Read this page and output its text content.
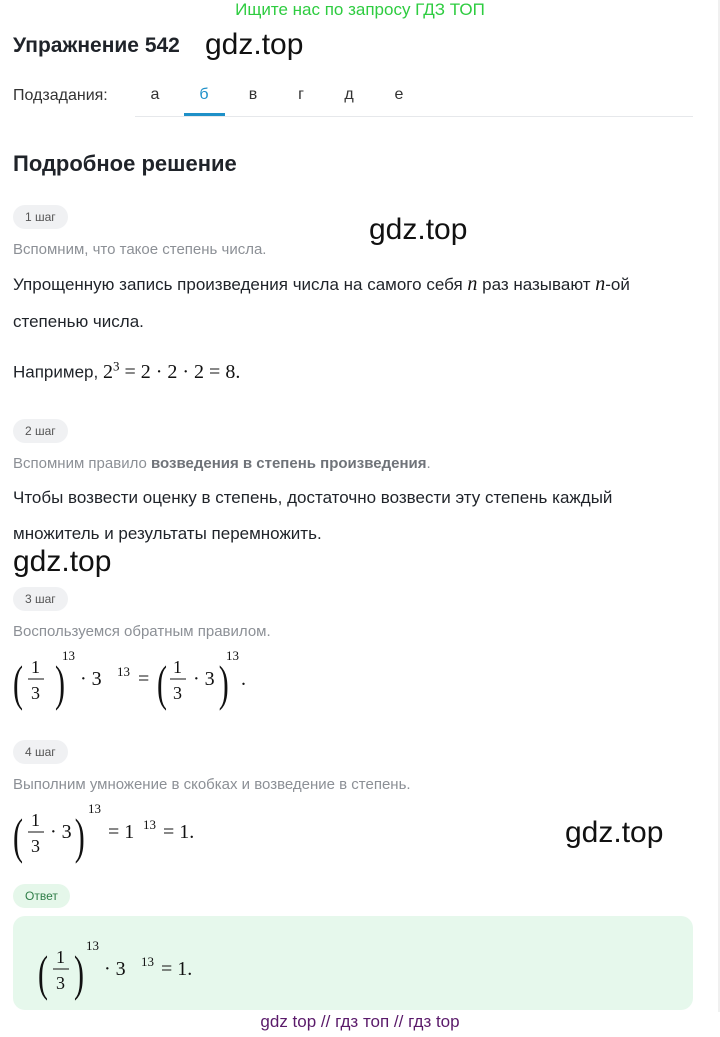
Ищите нас по запросу ГДЗ ТОП
Упражнение 542 gdz.top
Подзадания:	а	б	в	г	д	е
Подробное решение
1 шаг	gdz.top
Вспомним, что такое степень числа.
Упрощенную запись произведения числа на самого себя n раз называют n-ой
степенью числа.
Например, $2^3 = 2 \cdot 2 \cdot 2 = 8$.
2 шаг
Вспомним правило возведения в степень произведения.
Чтобы возвести оценку в степень, достаточно возвести эту степень каждый
множитель и результаты перемножить.
gdz.top
3 шаг
Воспользуемся обратным правилом.
( 1
3 )
13
· 3 13 = ( 1
3
· 3 )
13
.
4 шаг
Выполним умножение в скобках и возведение в степень.
( 1
3
· 3 ) 13
= 1 13 = 1.	gdz.top
Ответ
( 1
3 ) 13
· 3 13 = 1.
gdz top // гдз топ // гдз top
